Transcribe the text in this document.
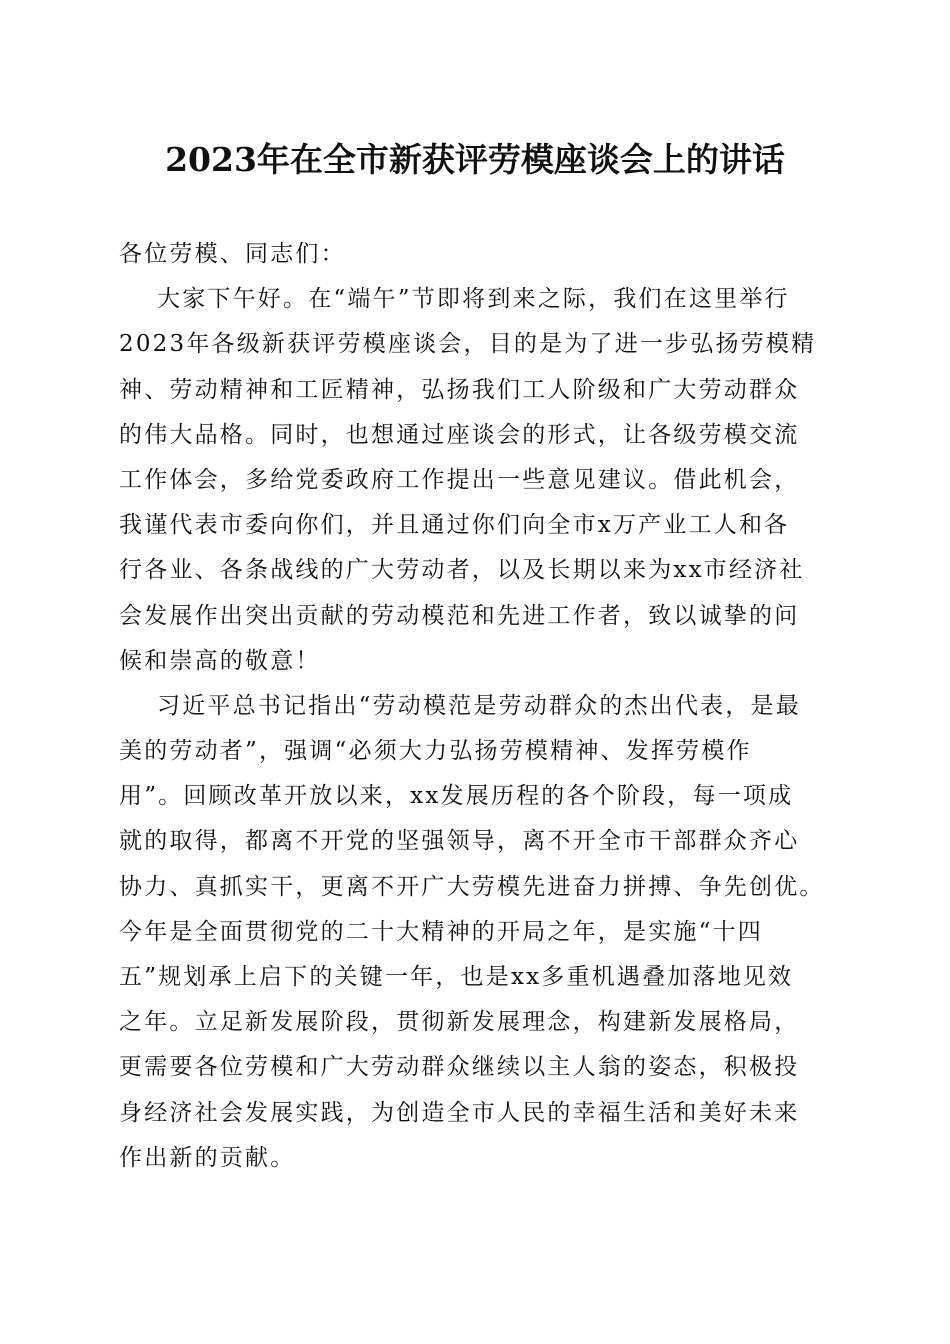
2023年在全市新获评劳模座谈会上的讲话
各位劳模、同志们：
大家下午好。在“端午”节即将到来之际，我们在这里举行
2023年各级新获评劳模座谈会，目的是为了进一步弘扬劳模精
神、劳动精神和工匠精神，弘扬我们工人阶级和广大劳动群众
的伟大品格。同时，也想通过座谈会的形式，让各级劳模交流
工作体会，多给党委政府工作提出一些意见建议。借此机会，
我谨代表市委向你们，并且通过你们向全市x万产业工人和各
行各业、各条战线的广大劳动者，以及长期以来为xx市经济社
会发展作出突出贡献的劳动模范和先进工作者，致以诚挚的问
候和崇高的敬意！
习近平总书记指出“劳动模范是劳动群众的杰出代表，是最
美的劳动者”，强调“必须大力弘扬劳模精神、发挥劳模作
用”。回顾改革开放以来，xx发展历程的各个阶段，每一项成
就的取得，都离不开党的坚强领导，离不开全市干部群众齐心
协力、真抓实干，更离不开广大劳模先进奋力拼搏、争先创优。
今年是全面贯彻党的二十大精神的开局之年，是实施“十四
五”规划承上启下的关键一年，也是xx多重机遇叠加落地见效
之年。立足新发展阶段，贯彻新发展理念，构建新发展格局，
更需要各位劳模和广大劳动群众继续以主人翁的姿态，积极投
身经济社会发展实践，为创造全市人民的幸福生活和美好未来
作出新的贡献。
